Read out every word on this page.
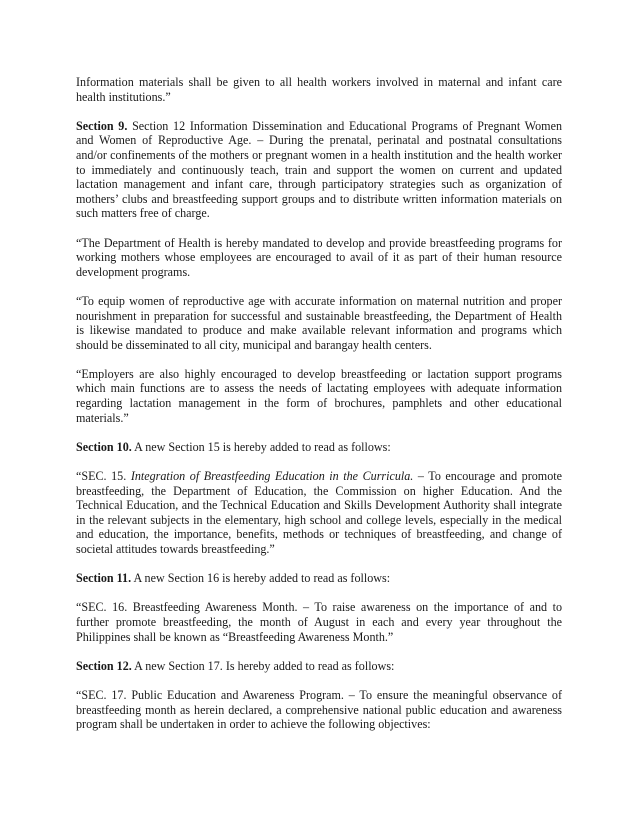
Information materials shall be given to all health workers involved in maternal and infant care health institutions.”

Section 9. Section 12 Information Dissemination and Educational Programs of Pregnant Women and Women of Reproductive Age. – During the prenatal, perinatal and postnatal consultations and/or confinements of the mothers or pregnant women in a health institution and the health worker to immediately and continuously teach, train and support the women on current and updated lactation management and infant care, through participatory strategies such as organization of mothers’ clubs and breastfeeding support groups and to distribute written information materials on such matters free of charge.

“The Department of Health is hereby mandated to develop and provide breastfeeding programs for working mothers whose employees are encouraged to avail of it as part of their human resource development programs.

“To equip women of reproductive age with accurate information on maternal nutrition and proper nourishment in preparation for successful and sustainable breastfeeding, the Department of Health is likewise mandated to produce and make available relevant information and programs which should be disseminated to all city, municipal and barangay health centers.

“Employers are also highly encouraged to develop breastfeeding or lactation support programs which main functions are to assess the needs of lactating employees with adequate information regarding lactation management in the form of brochures, pamphlets and other educational materials.”

Section 10. A new Section 15 is hereby added to read as follows:

“SEC. 15. Integration of Breastfeeding Education in the Curricula. – To encourage and promote breastfeeding, the Department of Education, the Commission on higher Education. And the Technical Education, and the Technical Education and Skills Development Authority shall integrate in the relevant subjects in the elementary, high school and college levels, especially in the medical and education, the importance, benefits, methods or techniques of breastfeeding, and change of societal attitudes towards breastfeeding.”

Section 11. A new Section 16 is hereby added to read as follows:

“SEC. 16. Breastfeeding Awareness Month. – To raise awareness on the importance of and to further promote breastfeeding, the month of August in each and every year throughout the Philippines shall be known as “Breastfeeding Awareness Month.”

Section 12. A new Section 17. Is hereby added to read as follows:

“SEC. 17. Public Education and Awareness Program. – To ensure the meaningful observance of breastfeeding month as herein declared, a comprehensive national public education and awareness program shall be undertaken in order to achieve the following objectives:
